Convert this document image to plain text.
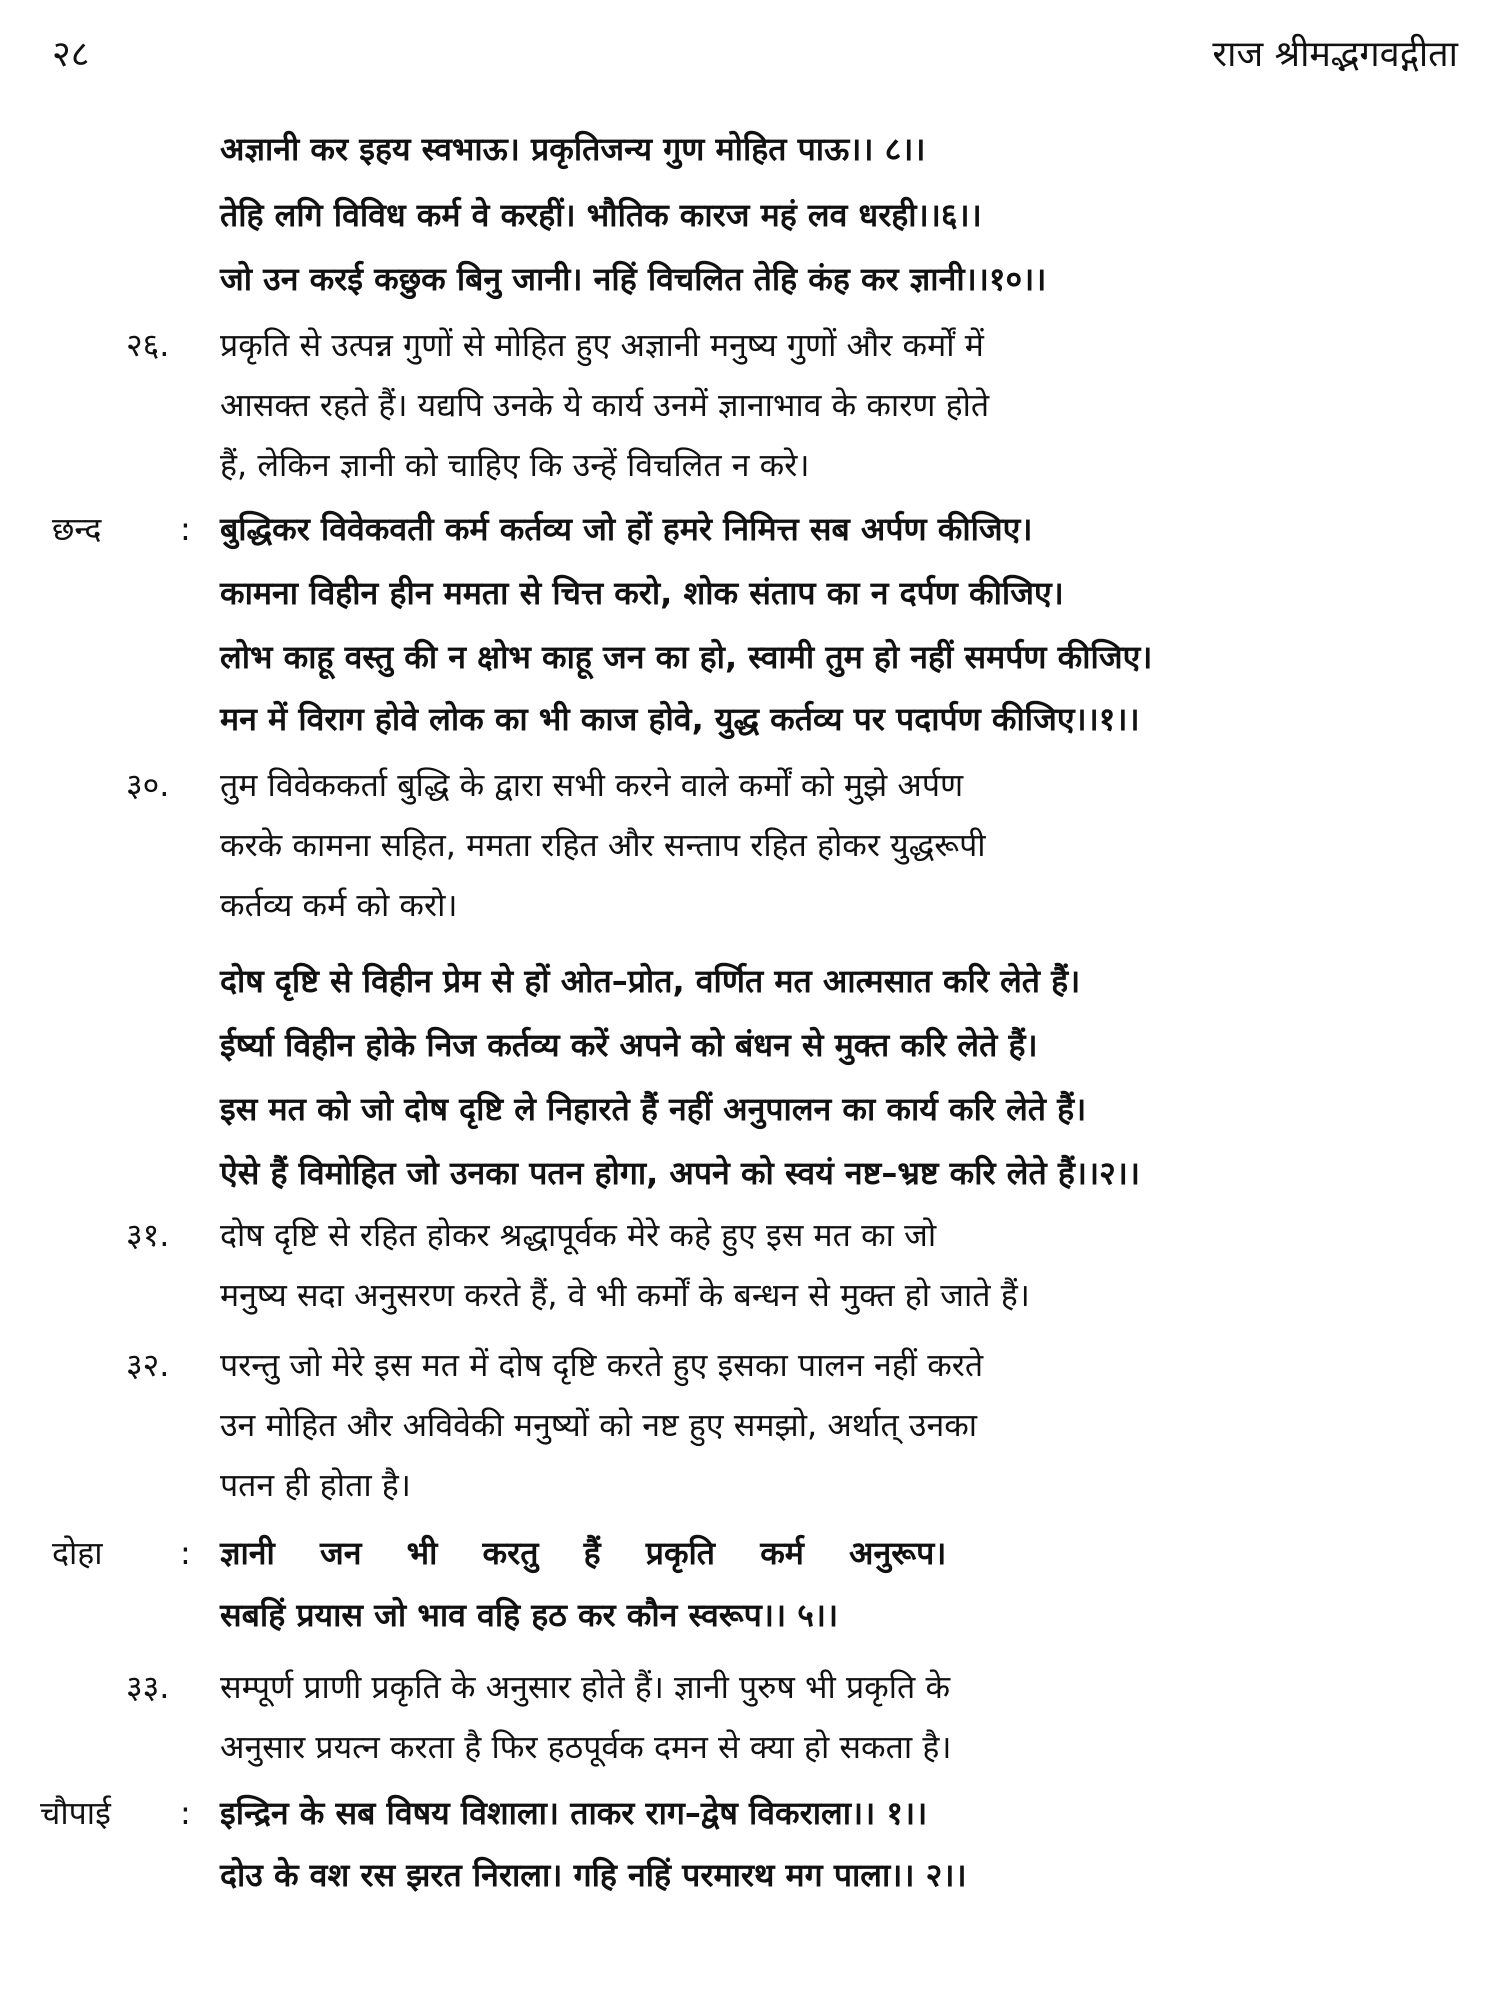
२८	राज श्रीमद्भगवद्गीता
अज्ञानी कर इहय स्वभाऊ। प्रकृतिजन्य गुण मोहित पाऊ।। ८।।
तेहि लगि विविध कर्म वे करहीं। भौतिक कारज महं लव धरही।।६।।
जो उन करई कछुक बिनु जानी। नहिं विचलित तेहि कंह कर ज्ञानी।।१०।।
२६. प्रकृति से उत्पन्न गुणों से मोहित हुए अज्ञानी मनुष्य गुणों और कर्मों में
आसक्त रहते हैं। यद्यपि उनके ये कार्य उनमें ज्ञानाभाव के कारण होते
हैं, लेकिन ज्ञानी को चाहिए कि उन्हें विचलित न करे।
छन्द : बुद्धिकर विवेकवती कर्म कर्तव्य जो हों हमरे निमित्त सब अर्पण कीजिए।
कामना विहीन हीन ममता से चित्त करो, शोक संताप का न दर्पण कीजिए।
लोभ काहू वस्तु की न क्षोभ काहू जन का हो, स्वामी तुम हो नहीं समर्पण कीजिए।
मन में विराग होवे लोक का भी काज होवे, युद्ध कर्तव्य पर पदार्पण कीजिए।।१।।
३०. तुम विवेककर्ता बुद्धि के द्वारा सभी करने वाले कर्मों को मुझे अर्पण
करके कामना सहित, ममता रहित और सन्ताप रहित होकर युद्धरूपी
कर्तव्य कर्म को करो।
दोष दृष्टि से विहीन प्रेम से हों ओत–प्रोत, वर्णित मत आत्मसात करि लेते हैं।
ईर्ष्या विहीन होके निज कर्तव्य करें अपने को बंधन से मुक्त करि लेते हैं।
इस मत को जो दोष दृष्टि ले निहारते हैं नहीं अनुपालन का कार्य करि लेते हैं।
ऐसे हैं विमोहित जो उनका पतन होगा, अपने को स्वयं नष्ट–भ्रष्ट करि लेते हैं।।२।।
३१. दोष दृष्टि से रहित होकर श्रद्धापूर्वक मेरे कहे हुए इस मत का जो
मनुष्य सदा अनुसरण करते हैं, वे भी कर्मों के बन्धन से मुक्त हो जाते हैं।
३२. परन्तु जो मेरे इस मत में दोष दृष्टि करते हुए इसका पालन नहीं करते
उन मोहित और अविवेकी मनुष्यों को नष्ट हुए समझो, अर्थात् उनका
पतन ही होता है।
दोहा : ज्ञानी जन भी करतु हैं प्रकृति कर्म अनुरूप।
सबहिं प्रयास जो भाव वहि हठ कर कौन स्वरूप।। ५।।
३३. सम्पूर्ण प्राणी प्रकृति के अनुसार होते हैं। ज्ञानी पुरुष भी प्रकृति के
अनुसार प्रयत्न करता है फिर हठपूर्वक दमन से क्या हो सकता है।
चौपाई : इन्द्रिन के सब विषय विशाला। ताकर राग–द्वेष विकराला।। १।।
दोउ के वश रस झरत निराला। गहि नहिं परमारथ मग पाला।। २।।
